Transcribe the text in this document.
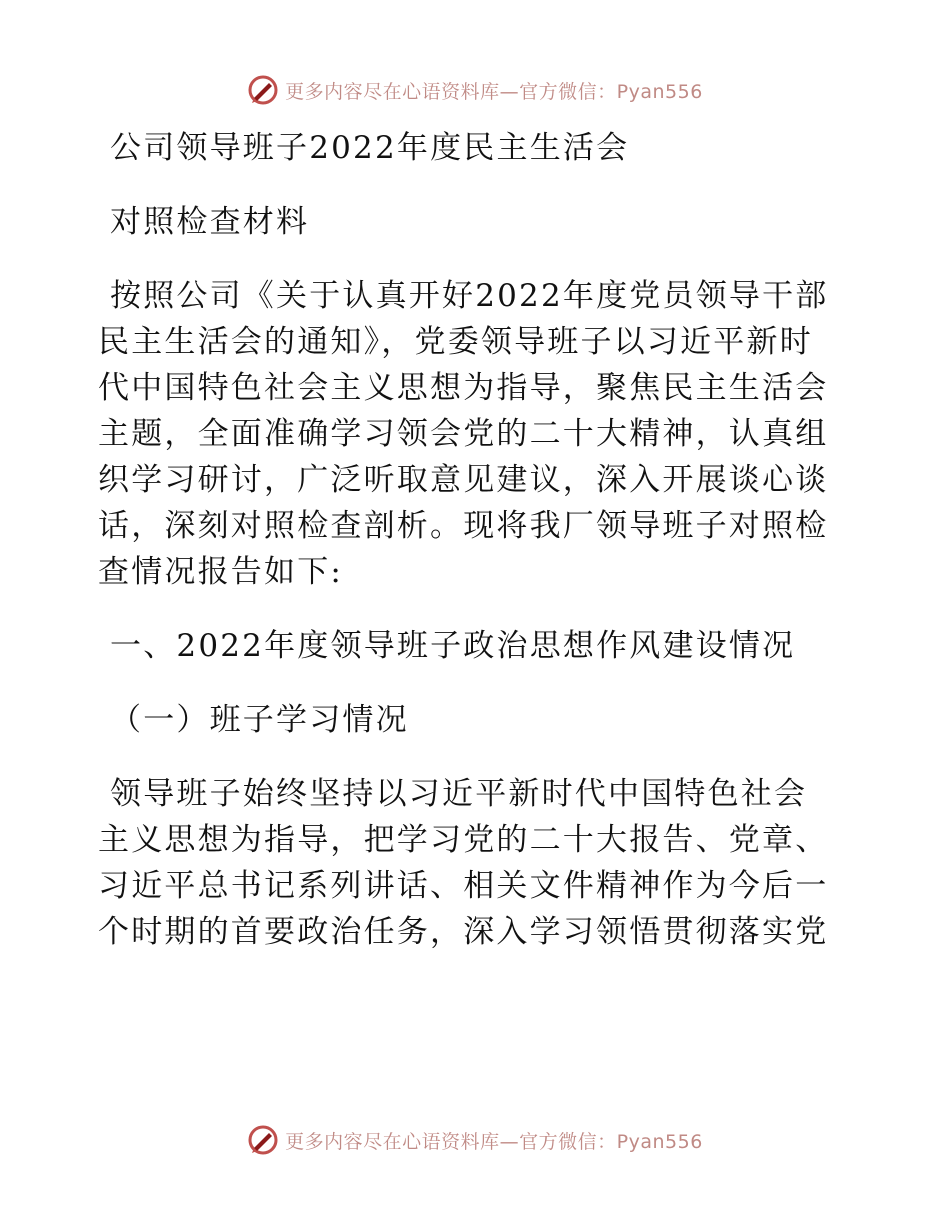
更多内容尽在心语资料库—官方微信：Pyan556

公司领导班子2022年度民主生活会

对照检查材料

按照公司《关于认真开好2022年度党员领导干部

民主生活会的通知》，党委领导班子以习近平新时

代中国特色社会主义思想为指导，聚焦民主生活会

主题，全面准确学习领会党的二十大精神，认真组

织学习研讨，广泛听取意见建议，深入开展谈心谈

话，深刻对照检查剖析。现将我厂领导班子对照检

查情况报告如下:

一、2022年度领导班子政治思想作风建设情况

（一）班子学习情况

领导班子始终坚持以习近平新时代中国特色社会

主义思想为指导，把学习党的二十大报告、党章、

习近平总书记系列讲话、相关文件精神作为今后一

个时期的首要政治任务，深入学习领悟贯彻落实党

更多内容尽在心语资料库—官方微信：Pyan556
